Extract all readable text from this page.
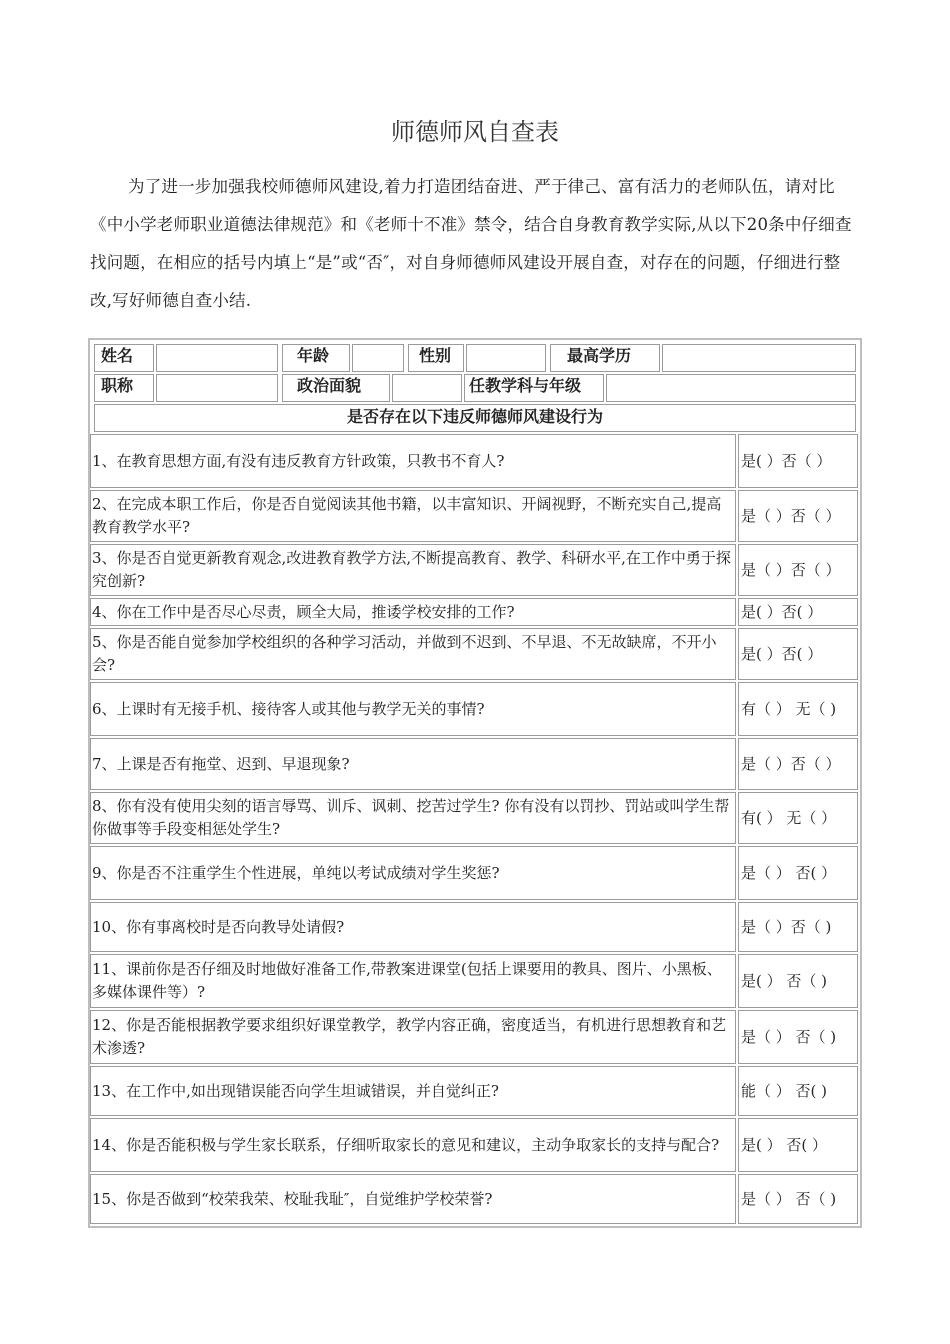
师德师风自查表
为了进一步加强我校师德师风建设,着力打造团结奋进、严于律己、富有活力的老师队伍，请对比《中小学老师职业道德法律规范》和《老师十不准》禁令，结合自身教育教学实际,从以下20条中仔细查找问题，在相应的括号内填上“是”或“否″，对自身师德师风建设开展自查，对存在的问题，仔细进行整改,写好师德自查小结.
姓名	年龄	性别	最高学历
职称	政治面貌	任教学科与年级
是否存在以下违反师德师风建设行为
1、在教育思想方面,有没有违反教育方针政策，只教书不育人?	是( ）否（ ）
2、在完成本职工作后，你是否自觉阅读其他书籍，以丰富知识、开阔视野，不断充实自己,提高教育教学水平?
是（ ）否（ ）
3、你是否自觉更新教育观念,改进教育教学方法,不断提高教育、教学、科研水平,在工作中勇于探究创新?
是（ ）否（ ）
4、你在工作中是否尽心尽责，顾全大局，推诿学校安排的工作?	是( ）否( ）
5、你是否能自觉参加学校组织的各种学习活动，并做到不迟到、不早退、不无故缺席，不开小会?
是( ）否( ）
6、上课时有无接手机、接待客人或其他与教学无关的事情?	有（ ） 无（ )
7、上课是否有拖堂、迟到、早退现象?	是（ ）否（ ）
8、你有没有使用尖刻的语言辱骂、训斥、讽刺、挖苦过学生? 你有没有以罚抄、罚站或叫学生帮你做事等手段变相惩处学生?
有( ） 无（ ）
9、你是否不注重学生个性进展，单纯以考试成绩对学生奖惩?	是（ ） 否( ）
10、你有事离校时是否向教导处请假?	是（ ）否（ )
11、课前你是否仔细及时地做好准备工作,带教案进课堂(包括上课要用的教具、图片、小黑板、多媒体课件等）?
是( ） 否（ )
12、你是否能根据教学要求组织好课堂教学，教学内容正确，密度适当，有机进行思想教育和艺术渗透?
是（ ） 否（ )
13、在工作中,如出现错误能否向学生坦诚错误，并自觉纠正?	能（ ） 否( )
14、你是否能积极与学生家长联系，仔细听取家长的意见和建议，主动争取家长的支持与配合?	是( ） 否( ）
15、你是否做到“校荣我荣、校耻我耻″，自觉维护学校荣誉?	是（ ） 否（ )
